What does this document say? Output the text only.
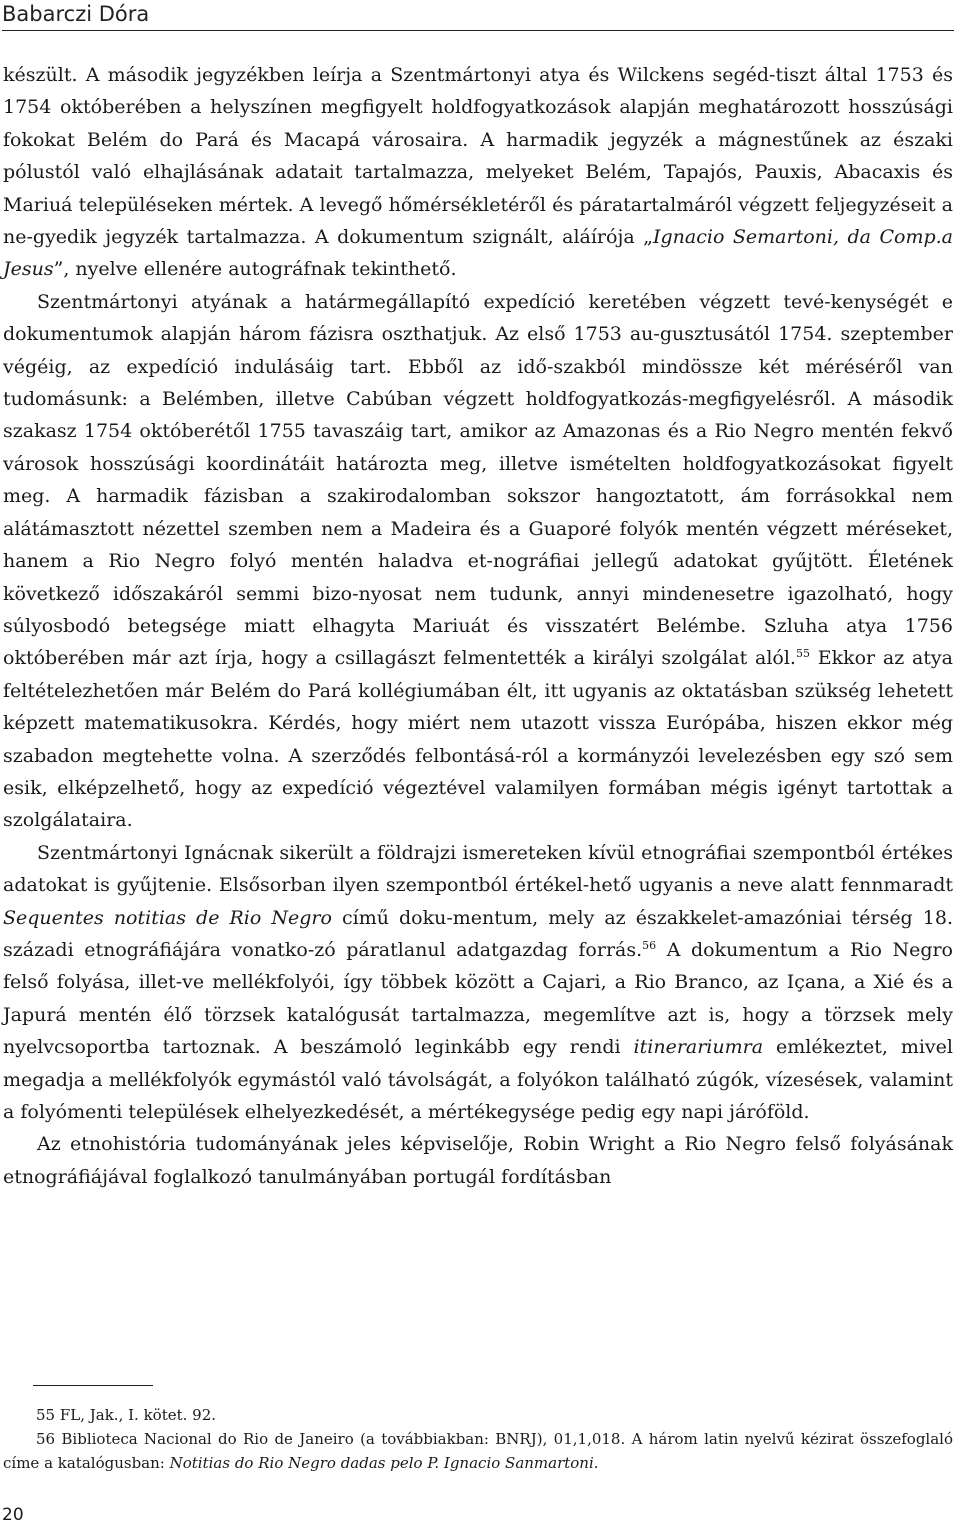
Babarczi Dóra

készült. A második jegyzékben leírja a Szentmártonyi atya és Wilckens segéd-tiszt által 1753 és 1754 októberében a helyszínen megfigyelt holdfogyatkozások alapján meghatározott hosszúsági fokokat Belém do Pará és Macapá városaira. A harmadik jegyzék a mágnestűnek az északi pólustól való elhajlásának adatait tartalmazza, melyeket Belém, Tapajós, Pauxis, Abacaxis és Mariuá településeken mértek. A levegő hőmérsékletéről és páratartalmáról végzett feljegyzéseit a ne-gyedik jegyzék tartalmazza. A dokumentum szignált, aláírója „Ignacio Semartoni, da Comp.a Jesus”, nyelve ellenére autográfnak tekinthető.

Szentmártonyi atyának a határmegállapító expedíció keretében végzett tevé-kenységét e dokumentumok alapján három fázisra oszthatjuk. Az első 1753 au-gusztusától 1754. szeptember végéig, az expedíció indulásáig tart. Ebből az idő-szakból mindössze két méréséről van tudomásunk: a Belémben, illetve Cabúban végzett holdfogyatkozás-megfigyelésről. A második szakasz 1754 októberétől 1755 tavaszáig tart, amikor az Amazonas és a Rio Negro mentén fekvő városok hosszúsági koordinátáit határozta meg, illetve ismételten holdfogyatkozásokat figyelt meg. A harmadik fázisban a szakirodalomban sokszor hangoztatott, ám forrásokkal nem alátámasztott nézettel szemben nem a Madeira és a Guaporé folyók mentén végzett méréseket, hanem a Rio Negro folyó mentén haladva et-nográfiai jellegű adatokat gyűjtött. Életének következő időszakáról semmi bizo-nyosat nem tudunk, annyi mindenesetre igazolható, hogy súlyosbodó betegsége miatt elhagyta Mariuát és visszatért Belémbe. Szluha atya 1756 októberében már azt írja, hogy a csillagászt felmentették a királyi szolgálat alól.$^{55}$ Ekkor az atya feltételezhetően már Belém do Pará kollégiumában élt, itt ugyanis az oktatásban szükség lehetett képzett matematikusokra. Kérdés, hogy miért nem utazott vissza Európába, hiszen ekkor még szabadon megtehette volna. A szerződés felbontásá-ról a kormányzói levelezésben egy szó sem esik, elképzelhető, hogy az expedíció végeztével valamilyen formában mégis igényt tartottak a szolgálataira.

Szentmártonyi Ignácnak sikerült a földrajzi ismereteken kívül etnográfiai szempontból értékes adatokat is gyűjtenie. Elsősorban ilyen szempontból értékel-hető ugyanis a neve alatt fennmaradt Sequentes notitias de Rio Negro című doku-mentum, mely az északkelet-amazóniai térség 18. századi etnográfiájára vonatko-zó páratlanul adatgazdag forrás.$^{56}$ A dokumentum a Rio Negro felső folyása, illet-ve mellékfolyói, így többek között a Cajari, a Rio Branco, az Içana, a Xié és a Japurá mentén élő törzsek katalógusát tartalmazza, megemlítve azt is, hogy a törzsek mely nyelvcsoportba tartoznak. A beszámoló leginkább egy rendi itinerariumra emlékeztet, mivel megadja a mellékfolyók egymástól való távolságát, a folyókon található zúgók, vízesések, valamint a folyómenti települések elhelyezkedését, a mértékegysége pedig egy napi járóföld.

Az etnohistória tudományának jeles képviselője, Robin Wright a Rio Negro felső folyásának etnográfiájával foglalkozó tanulmányában portugál fordításban

55 FL, Jak., I. kötet. 92.

56 Biblioteca Nacional do Rio de Janeiro (a továbbiakban: BNRJ), 01,1,018. A három latin nyelvű kézirat összefoglaló címe a katalógusban: Notitias do Rio Negro dadas pelo P. Ignacio Sanmartoni.

20
